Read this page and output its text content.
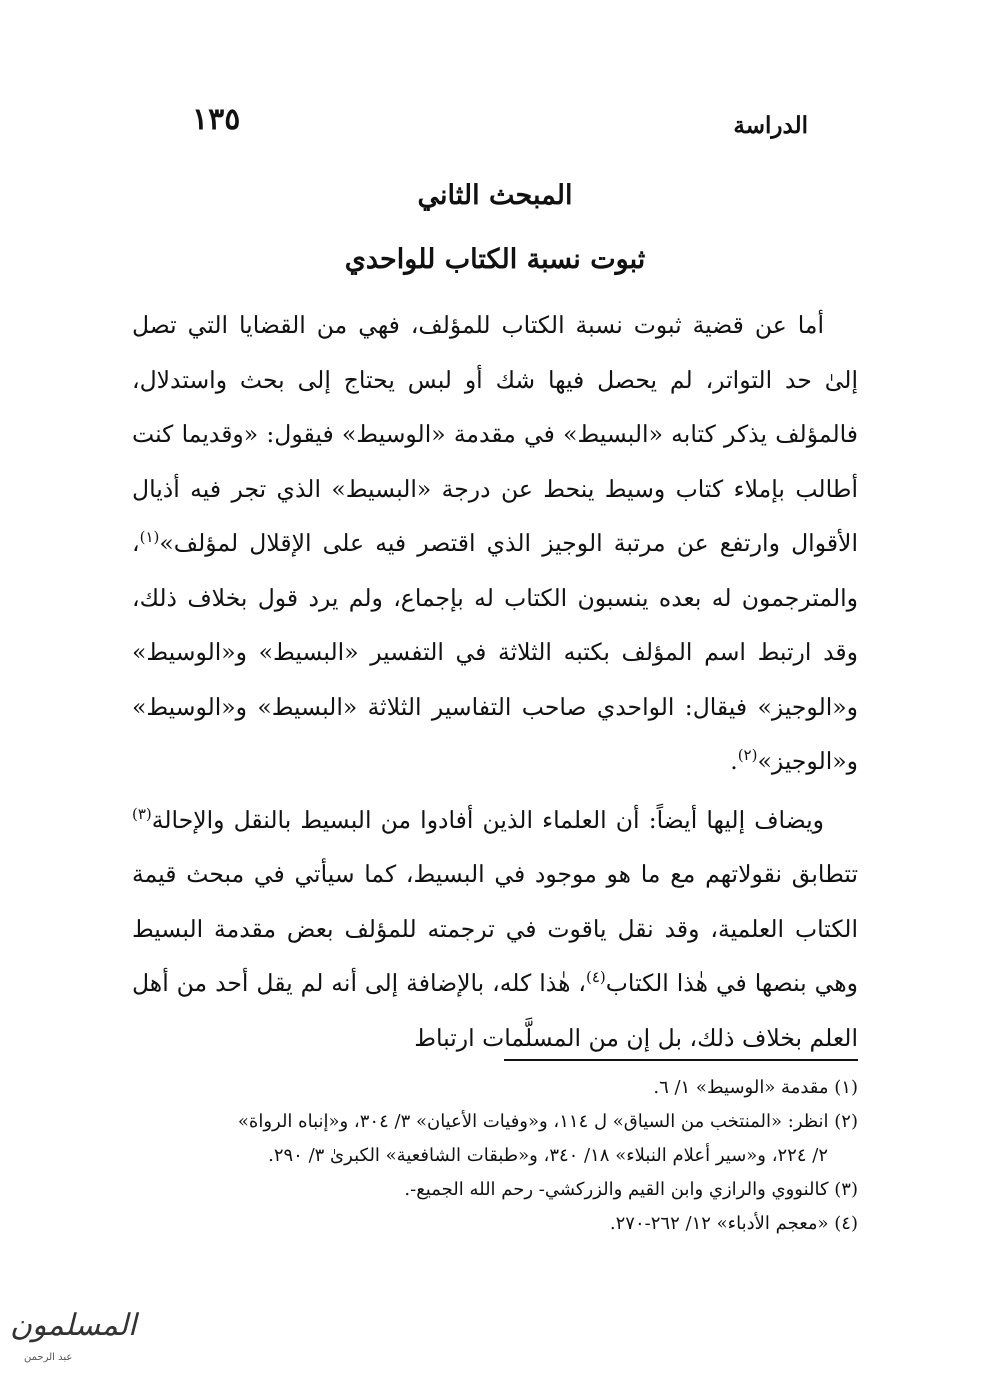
الدراسة
١٣٥
المبحث الثاني
ثبوت نسبة الكتاب للواحدي

أما عن قضية ثبوت نسبة الكتاب للمؤلف، فهي من القضايا التي تصل إلىٰ حد التواتر، لم يحصل فيها شك أو لبس يحتاج إلى بحث واستدلال، فالمؤلف يذكر كتابه «البسيط» في مقدمة «الوسيط» فيقول: «وقديما كنت أطالب بإملاء كتاب وسيط ينحط عن درجة «البسيط» الذي تجر فيه أذيال الأقوال وارتفع عن مرتبة الوجيز الذي اقتصر فيه على الإقلال لمؤلف»$^{(١)}$، والمترجمون له بعده ينسبون الكتاب له بإجماع، ولم يرد قول بخلاف ذلك، وقد ارتبط اسم المؤلف بكتبه الثلاثة في التفسير «البسيط» و«الوسيط» و«الوجيز» فيقال: الواحدي صاحب التفاسير الثلاثة «البسيط» و«الوسيط» و«الوجيز»$^{(٢)}$.

ويضاف إليها أيضاً: أن العلماء الذين أفادوا من البسيط بالنقل والإحالة$^{(٣)}$ تتطابق نقولاتهم مع ما هو موجود في البسيط، كما سيأتي في مبحث قيمة الكتاب العلمية، وقد نقل ياقوت في ترجمته للمؤلف بعض مقدمة البسيط وهي بنصها في هٰذا الكتاب$^{(٤)}$، هٰذا كله، بالإضافة إلى أنه لم يقل أحد من أهل العلم بخلاف ذلك، بل إن من المسلَّمات ارتباط

(١) مقدمة «الوسيط» ١/ ٦.

(٢) انظر: «المنتخب من السياق» ل ١١٤، و«وفيات الأعيان» ٣/ ٣٠٤، و«إنباه الرواة»

٢/ ٢٢٤، و«سير أعلام النبلاء» ١٨/ ٣٤٠، و«طبقات الشافعية» الكبرىٰ ٣/ ٢٩٠.

(٣) كالنووي والرازي وابن القيم والزركشي- رحم الله الجميع-.

(٤) «معجم الأدباء» ١٢/ ٢٦٢-٢٧٠.

المسلمون
عبد الرحمن
